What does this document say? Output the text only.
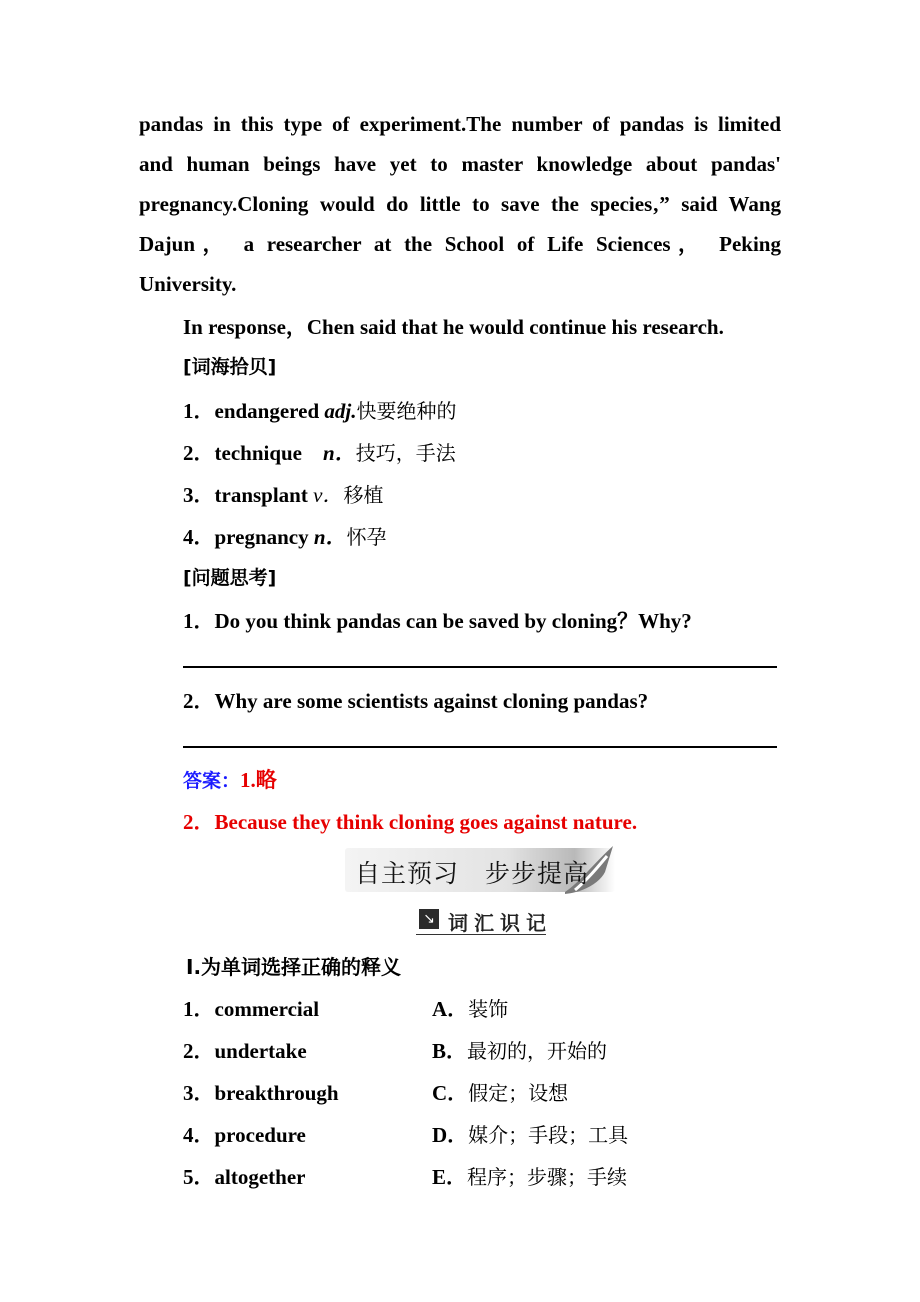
pandas in this type of experiment.The number of pandas is limited
and human beings have yet to master knowledge about pandas'
pregnancy.Cloning would do little to save the species‚” said Wang
Dajun， a researcher at the School of Life Sciences， Peking
University.
In response，Chen said that he would continue his research.
[词海拾贝]
1．endangered adj.快要绝种的
2．technique　n．技巧，手法
3．transplant v．移植
4．pregnancy n．怀孕
[问题思考]
1．Do you think pandas can be saved by cloning？Why?
2．Why are some scientists against cloning pandas?
答案：1.略
2．Because they think cloning goes against nature.
自主预习　步步提高
↘ 词汇识记
Ⅰ.为单词选择正确的释义
1．commercial	A．装饰
2．undertake	B．最初的，开始的
3．breakthrough	C．假定；设想
4．procedure	D．媒介；手段；工具
5．altogether	E．程序；步骤；手续
